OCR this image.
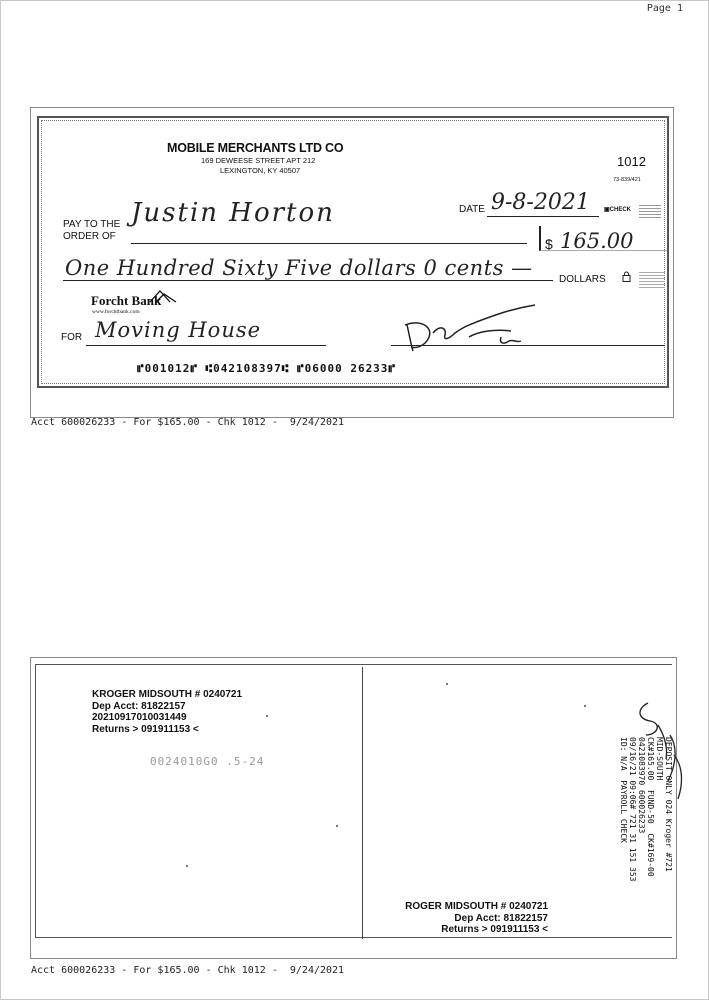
Page 1
MOBILE MERCHANTS LTD CO
169 DEWEESE STREET APT 212
LEXINGTON, KY 40507
1012
73-839/421
DATE 9-8-2021 ▣CHECK
PAY TO THE
ORDER OF
Justin Horton
$ 165.00
One Hundred Sixty Five dollars 0 cents —	DOLLARS
Forcht Bank
www.forchtbank.com
FOR Moving House
⑈001012⑈ ⑆042108397⑆ ⑈06000 26233⑈
Acct 600026233 - For $165.00 - Chk 1012 -  9/24/2021
KROGER MIDSOUTH # 0240721
Dep Acct: 81822157
20210917010031449
Returns > 091911153 <
0024010G0 .5-24
ROGER MIDSOUTH # 0240721
Dep Acct: 81822157
Returns > 091911153 <
DEPOSIT ONLY 024 Kroger #721
MID-SOUTH
CK#165.00  FUND-50  CK#169-00
0421083970 600026233
09/16/21 09:06# 721 31 151 353
ID: N/A  PAYROLL CHECK
Acct 600026233 - For $165.00 - Chk 1012 -  9/24/2021
